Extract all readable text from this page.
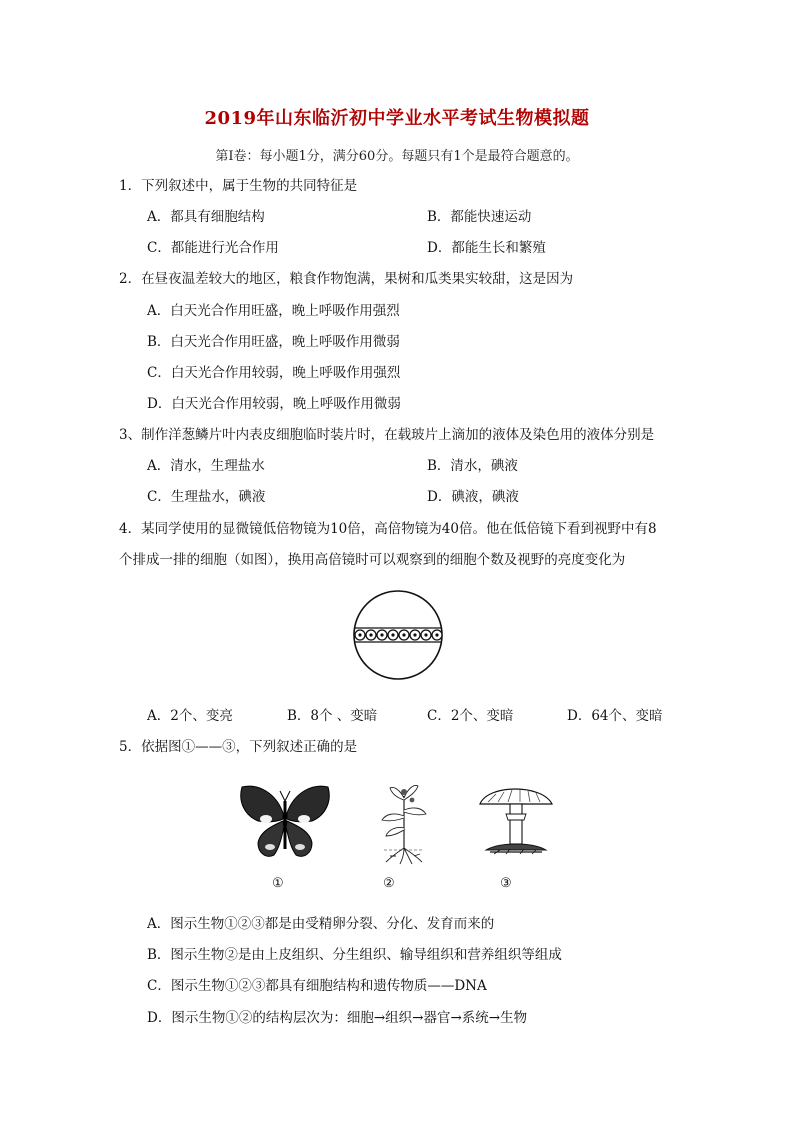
2019年山东临沂初中学业水平考试生物模拟题
第Ⅰ卷：每小题1分，满分60分。每题只有1个是最符合题意的。
1．下列叙述中，属于生物的共同特征是
A．都具有细胞结构	B．都能快速运动
C．都能进行光合作用	D．都能生长和繁殖
2．在昼夜温差较大的地区，粮食作物饱满，果树和瓜类果实较甜，这是因为
A．白天光合作用旺盛，晚上呼吸作用强烈
B．白天光合作用旺盛，晚上呼吸作用微弱
C．白天光合作用较弱，晚上呼吸作用强烈
D．白天光合作用较弱，晚上呼吸作用微弱
3、制作洋葱鳞片叶内表皮细胞临时装片时，在载玻片上滴加的液体及染色用的液体分别是
A．清水，生理盐水	B．清水，碘液
C．生理盐水，碘液	D．碘液，碘液
4．某同学使用的显微镜低倍物镜为10倍，高倍物镜为40倍。他在低倍镜下看到视野中有8
个排成一排的细胞（如图），换用高倍镜时可以观察到的细胞个数及视野的亮度变化为
A．2个、变亮	B．8个 、变暗	C．2个、变暗	D．64个、变暗
5．依据图①——③，下列叙述正确的是
①	②	③
A．图示生物①②③都是由受精卵分裂、分化、发育而来的
B．图示生物②是由上皮组织、分生组织、输导组织和营养组织等组成
C．图示生物①②③都具有细胞结构和遗传物质——DNA
D．图示生物①②的结构层次为：细胞→组织→器官→系统→生物
